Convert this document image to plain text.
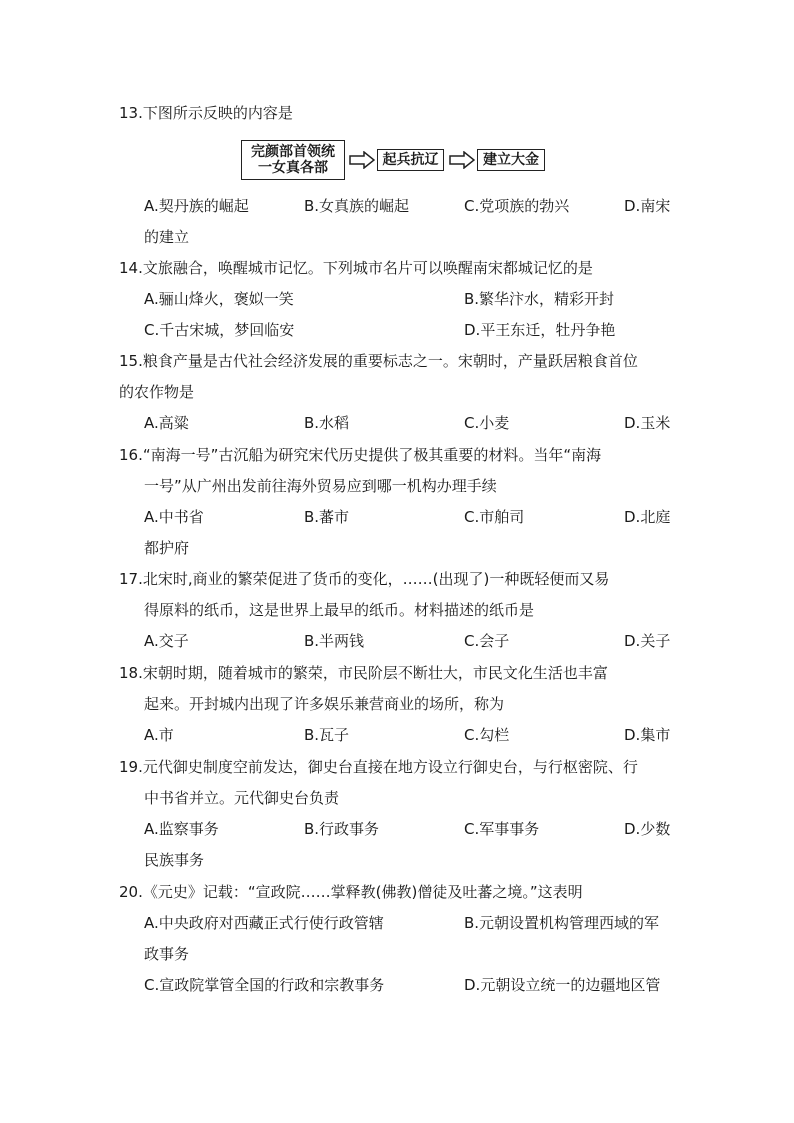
13.下图所示反映的内容是
完颜部首领统
一女真各部	起兵抗辽	建立大金
A.契丹族的崛起	B.女真族的崛起	C.党项族的勃兴	D.南宋
的建立
14.文旅融合，唤醒城市记忆。下列城市名片可以唤醒南宋都城记忆的是
A.骊山烽火，褒姒一笑	B.繁华汴水，精彩开封
C.千古宋城，梦回临安	D.平王东迁，牡丹争艳
15.粮食产量是古代社会经济发展的重要标志之一。宋朝时，产量跃居粮食首位
的农作物是
A.高粱	B.水稻	C.小麦	D.玉米
16.“南海一号”古沉船为研究宋代历史提供了极其重要的材料。当年“南海
一号”从广州出发前往海外贸易应到哪一机构办理手续
A.中书省	B.蕃市	C.市舶司	D.北庭
都护府
17.北宋时,商业的繁荣促进了货币的变化，……(出现了)一种既轻便而又易
得原料的纸币，这是世界上最早的纸币。材料描述的纸币是
A.交子	B.半两钱	C.会子	D.关子
18.宋朝时期，随着城市的繁荣，市民阶层不断壮大，市民文化生活也丰富
起来。开封城内出现了许多娱乐兼营商业的场所，称为
A.市	B.瓦子	C.勾栏	D.集市
19.元代御史制度空前发达，御史台直接在地方设立行御史台，与行枢密院、行
中书省并立。元代御史台负责
A.监察事务	B.行政事务	C.军事事务	D.少数
民族事务
20.《元史》记载：“宣政院……掌释教(佛教)僧徒及吐蕃之境。”这表明
A.中央政府对西藏正式行使行政管辖	B.元朝设置机构管理西域的军
政事务
C.宣政院掌管全国的行政和宗教事务	D.元朝设立统一的边疆地区管
